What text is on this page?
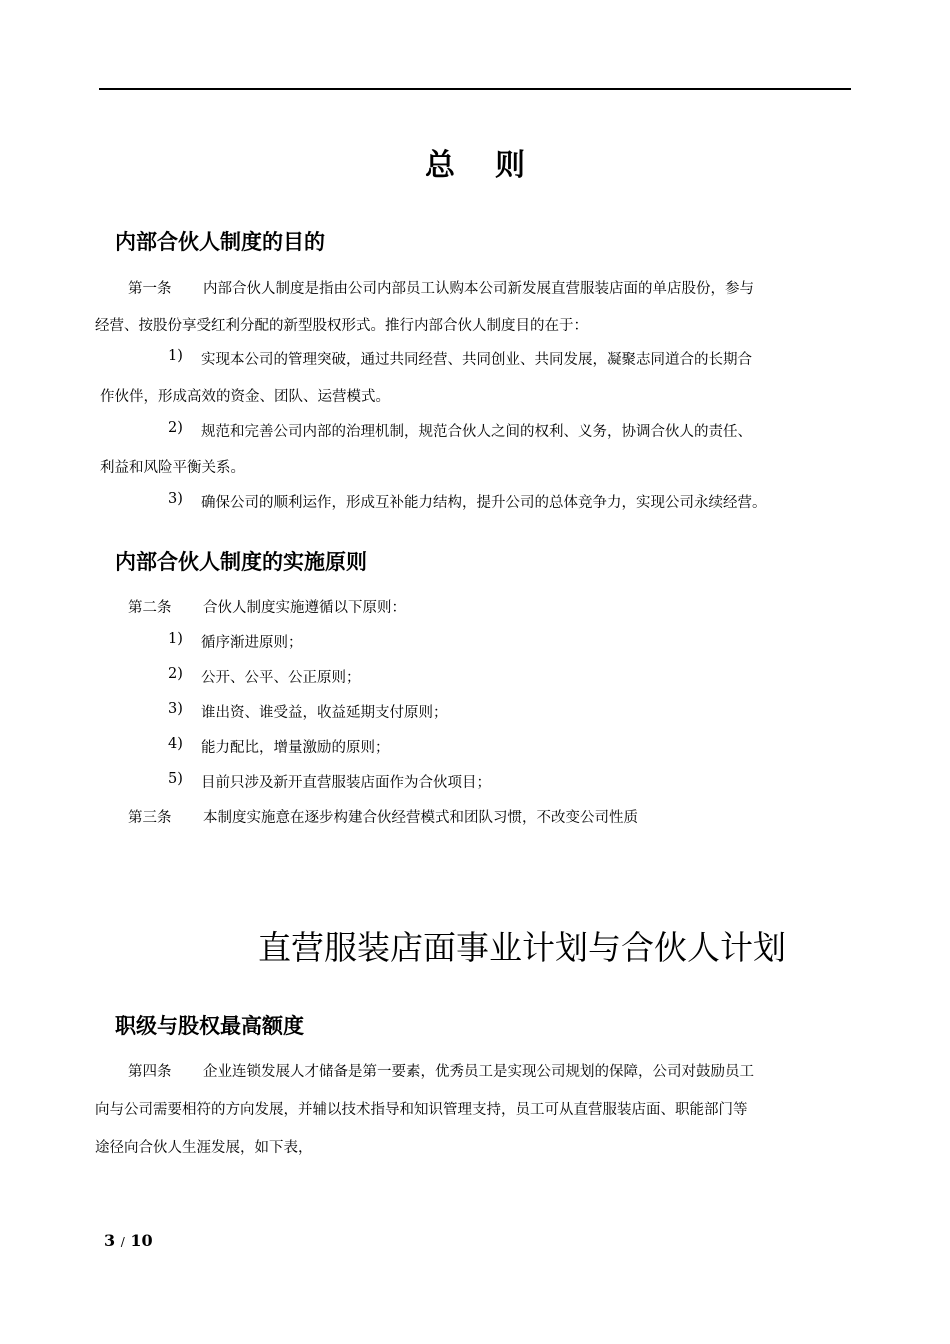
总则
内部合伙人制度的目的
第一条 内部合伙人制度是指由公司内部员工认购本公司新发展直营服装店面的单店股份，参与
经营、按股份享受红利分配的新型股权形式。推行内部合伙人制度目的在于：
1) 实现本公司的管理突破，通过共同经营、共同创业、共同发展，凝聚志同道合的长期合
作伙伴，形成高效的资金、团队、运营模式。
2) 规范和完善公司内部的治理机制，规范合伙人之间的权利、义务，协调合伙人的责任、
利益和风险平衡关系。
3) 确保公司的顺利运作，形成互补能力结构，提升公司的总体竞争力，实现公司永续经营。
内部合伙人制度的实施原则
第二条 合伙人制度实施遵循以下原则：
1) 循序渐进原则；
2) 公开、公平、公正原则；
3) 谁出资、谁受益，收益延期支付原则；
4) 能力配比，增量激励的原则；
5) 目前只涉及新开直营服装店面作为合伙项目；
第三条 本制度实施意在逐步构建合伙经营模式和团队习惯，不改变公司性质
直营服装店面事业计划与合伙人计划
职级与股权最高额度
第四条 企业连锁发展人才储备是第一要素，优秀员工是实现公司规划的保障，公司对鼓励员工
向与公司需要相符的方向发展，并辅以技术指导和知识管理支持，员工可从直营服装店面、职能部门等
途径向合伙人生涯发展，如下表，
3 / 10
